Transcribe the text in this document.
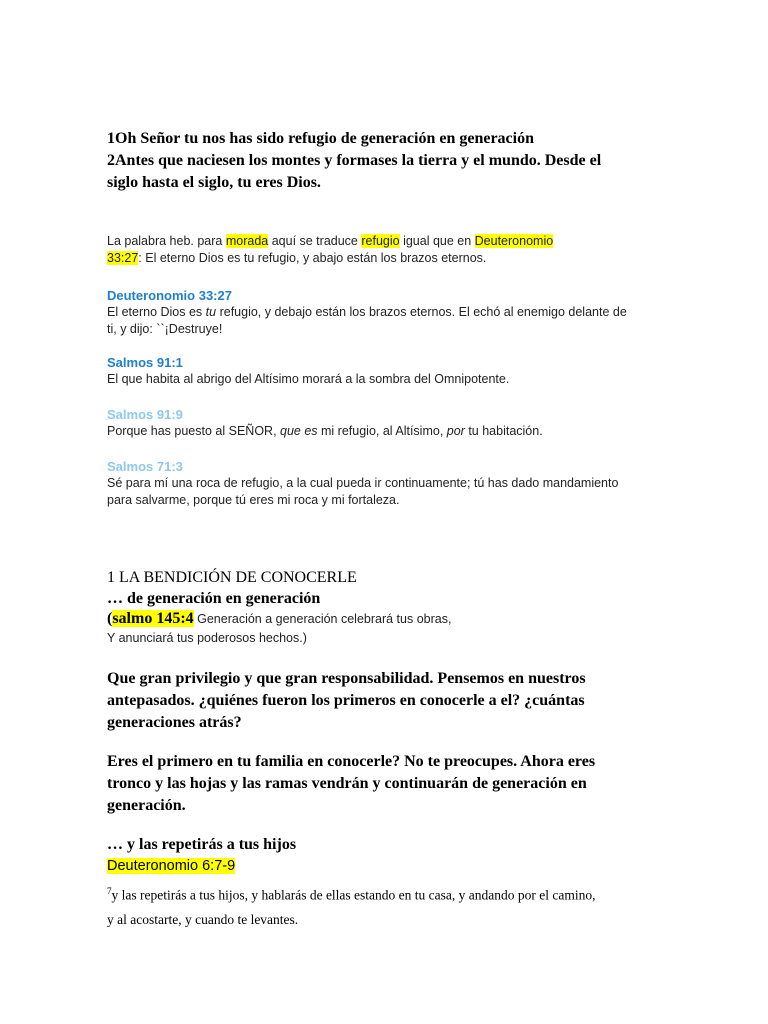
1Oh Señor tu nos has sido refugio de generación en generación
2Antes que naciesen los montes y formases la tierra y el mundo. Desde el
siglo hasta el siglo, tu eres Dios.
La palabra heb. para morada aquí se traduce refugio igual que en Deuteronomio
33:27: El eterno Dios es tu refugio, y abajo están los brazos eternos.
Deuteronomio 33:27
El eterno Dios es tu refugio, y debajo están los brazos eternos. El echó al enemigo delante de
ti, y dijo: ``¡Destruye!
Salmos 91:1
El que habita al abrigo del Altísimo morará a la sombra del Omnipotente.
Salmos 91:9
Porque has puesto al SEÑOR, que es mi refugio, al Altísimo, por tu habitación.
Salmos 71:3
Sé para mí una roca de refugio, a la cual pueda ir continuamente; tú has dado mandamiento
para salvarme, porque tú eres mi roca y mi fortaleza.
1 LA BENDICIÓN DE CONOCERLE
… de generación en generación
(salmo 145:4 Generación a generación celebrará tus obras,
Y anunciará tus poderosos hechos.)
Que gran privilegio y que gran responsabilidad. Pensemos en nuestros
antepasados. ¿quiénes fueron los primeros en conocerle a el? ¿cuántas
generaciones atrás?
Eres el primero en tu familia en conocerle? No te preocupes. Ahora eres
tronco y las hojas y las ramas vendrán y continuarán de generación en
generación.
… y las repetirás a tus hijos
Deuteronomio 6:7-9
$^7$y las repetirás a tus hijos, y hablarás de ellas estando en tu casa, y andando por el camino,
y al acostarte, y cuando te levantes.
